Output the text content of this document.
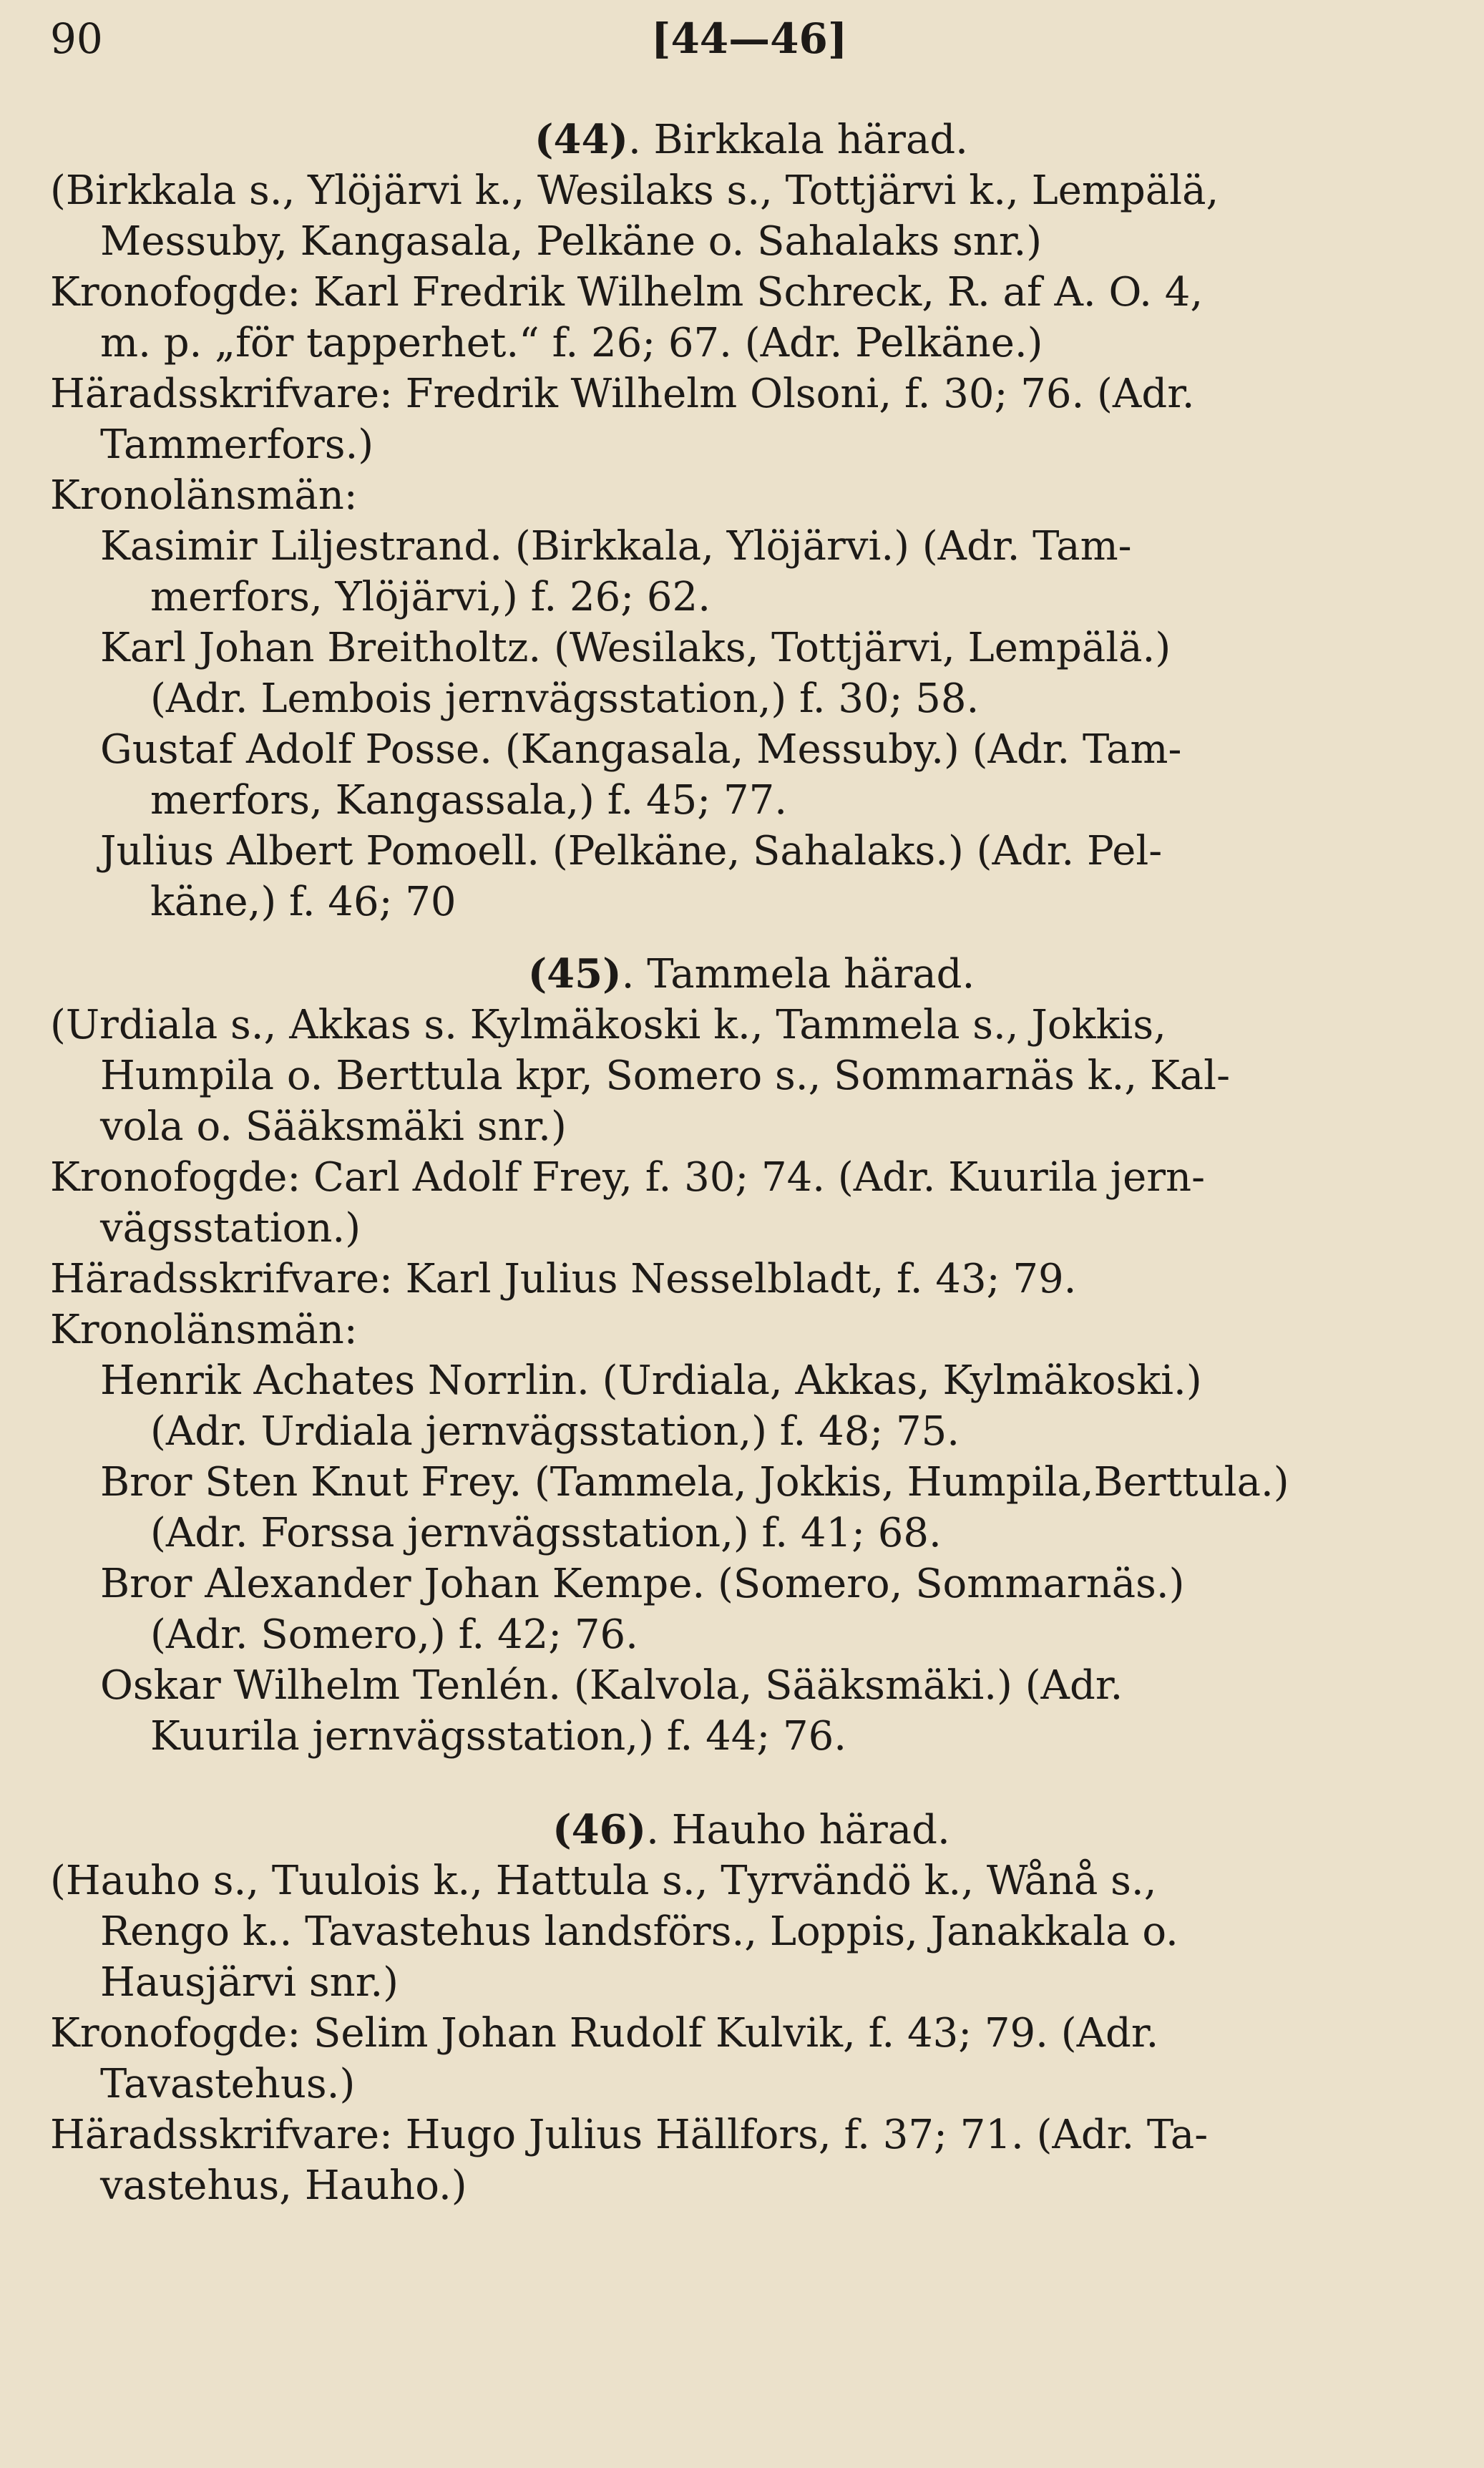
90	[44—46]
(44). Birkkala härad.
(Birkkala s., Ylöjärvi k., Wesilaks s., Tottjärvi k., Lempälä,
Messuby, Kangasala, Pelkäne o. Sahalaks snr.)
Kronofogde: Karl Fredrik Wilhelm Schreck, R. af A. O. 4,
m. p. „för tapperhet.“ f. 26; 67. (Adr. Pelkäne.)
Häradsskrifvare: Fredrik Wilhelm Olsoni, f. 30; 76. (Adr.
Tammerfors.)
Kronolänsmän:
Kasimir Liljestrand. (Birkkala, Ylöjärvi.) (Adr. Tam-
merfors, Ylöjärvi,) f. 26; 62.
Karl Johan Breitholtz. (Wesilaks, Tottjärvi, Lempälä.)
(Adr. Lembois jernvägsstation,) f. 30; 58.
Gustaf Adolf Posse. (Kangasala, Messuby.) (Adr. Tam-
merfors, Kangassala,) f. 45; 77.
Julius Albert Pomoell. (Pelkäne, Sahalaks.) (Adr. Pel-
käne,) f. 46; 70
(45). Tammela härad.
(Urdiala s., Akkas s. Kylmäkoski k., Tammela s., Jokkis,
Humpila o. Berttula kpr, Somero s., Sommarnäs k., Kal-
vola o. Sääksmäki snr.)
Kronofogde: Carl Adolf Frey, f. 30; 74. (Adr. Kuurila jern-
vägsstation.)
Häradsskrifvare: Karl Julius Nesselbladt, f. 43; 79.
Kronolänsmän:
Henrik Achates Norrlin. (Urdiala, Akkas, Kylmäkoski.)
(Adr. Urdiala jernvägsstation,) f. 48; 75.
Bror Sten Knut Frey. (Tammela, Jokkis, Humpila,Berttula.)
(Adr. Forssa jernvägsstation,) f. 41; 68.
Bror Alexander Johan Kempe. (Somero, Sommarnäs.)
(Adr. Somero,) f. 42; 76.
Oskar Wilhelm Tenlén. (Kalvola, Sääksmäki.) (Adr.
Kuurila jernvägsstation,) f. 44; 76.
(46). Hauho härad.
(Hauho s., Tuulois k., Hattula s., Tyrvändö k., Wånå s.,
Rengo k.. Tavastehus landsförs., Loppis, Janakkala o.
Hausjärvi snr.)
Kronofogde: Selim Johan Rudolf Kulvik, f. 43; 79. (Adr.
Tavastehus.)
Häradsskrifvare: Hugo Julius Hällfors, f. 37; 71. (Adr. Ta-
vastehus, Hauho.)
